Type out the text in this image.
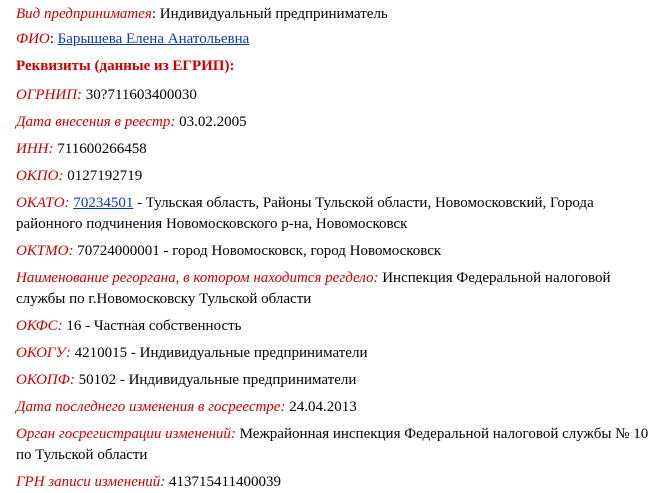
Вид предприниматея: Индивидуальный предприниматель
ФИО: Барышева Елена Анатольевна
Реквизиты (данные из ЕГРИП):
ОГРНИП: 30?711603400030
Дата внесения в реестр: 03.02.2005
ИНН: 711600266458
ОКПО: 0127192719
ОКАТО: 70234501 - Тульская область, Районы Тульской области, Новомосковский, Города районного подчинения Новомосковского р-на, Новомосковск
ОКТМО: 70724000001 - город Новомосковск, город Новомосковск
Наименование регоргана, в котором находится регдело: Инспекция Федеральной налоговой службы по г.Новомосковску Тульской области
ОКФС: 16 - Частная собственность
ОКОГУ: 4210015 - Индивидуальные предприниматели
ОКОПФ: 50102 - Индивидуальные предприниматели
Дата последнего изменения в госреестре: 24.04.2013
Орган госрегистрации изменений: Межрайонная инспекция Федеральной налоговой службы № 10 по Тульской области
ГРН записи изменений: 413715411400039
